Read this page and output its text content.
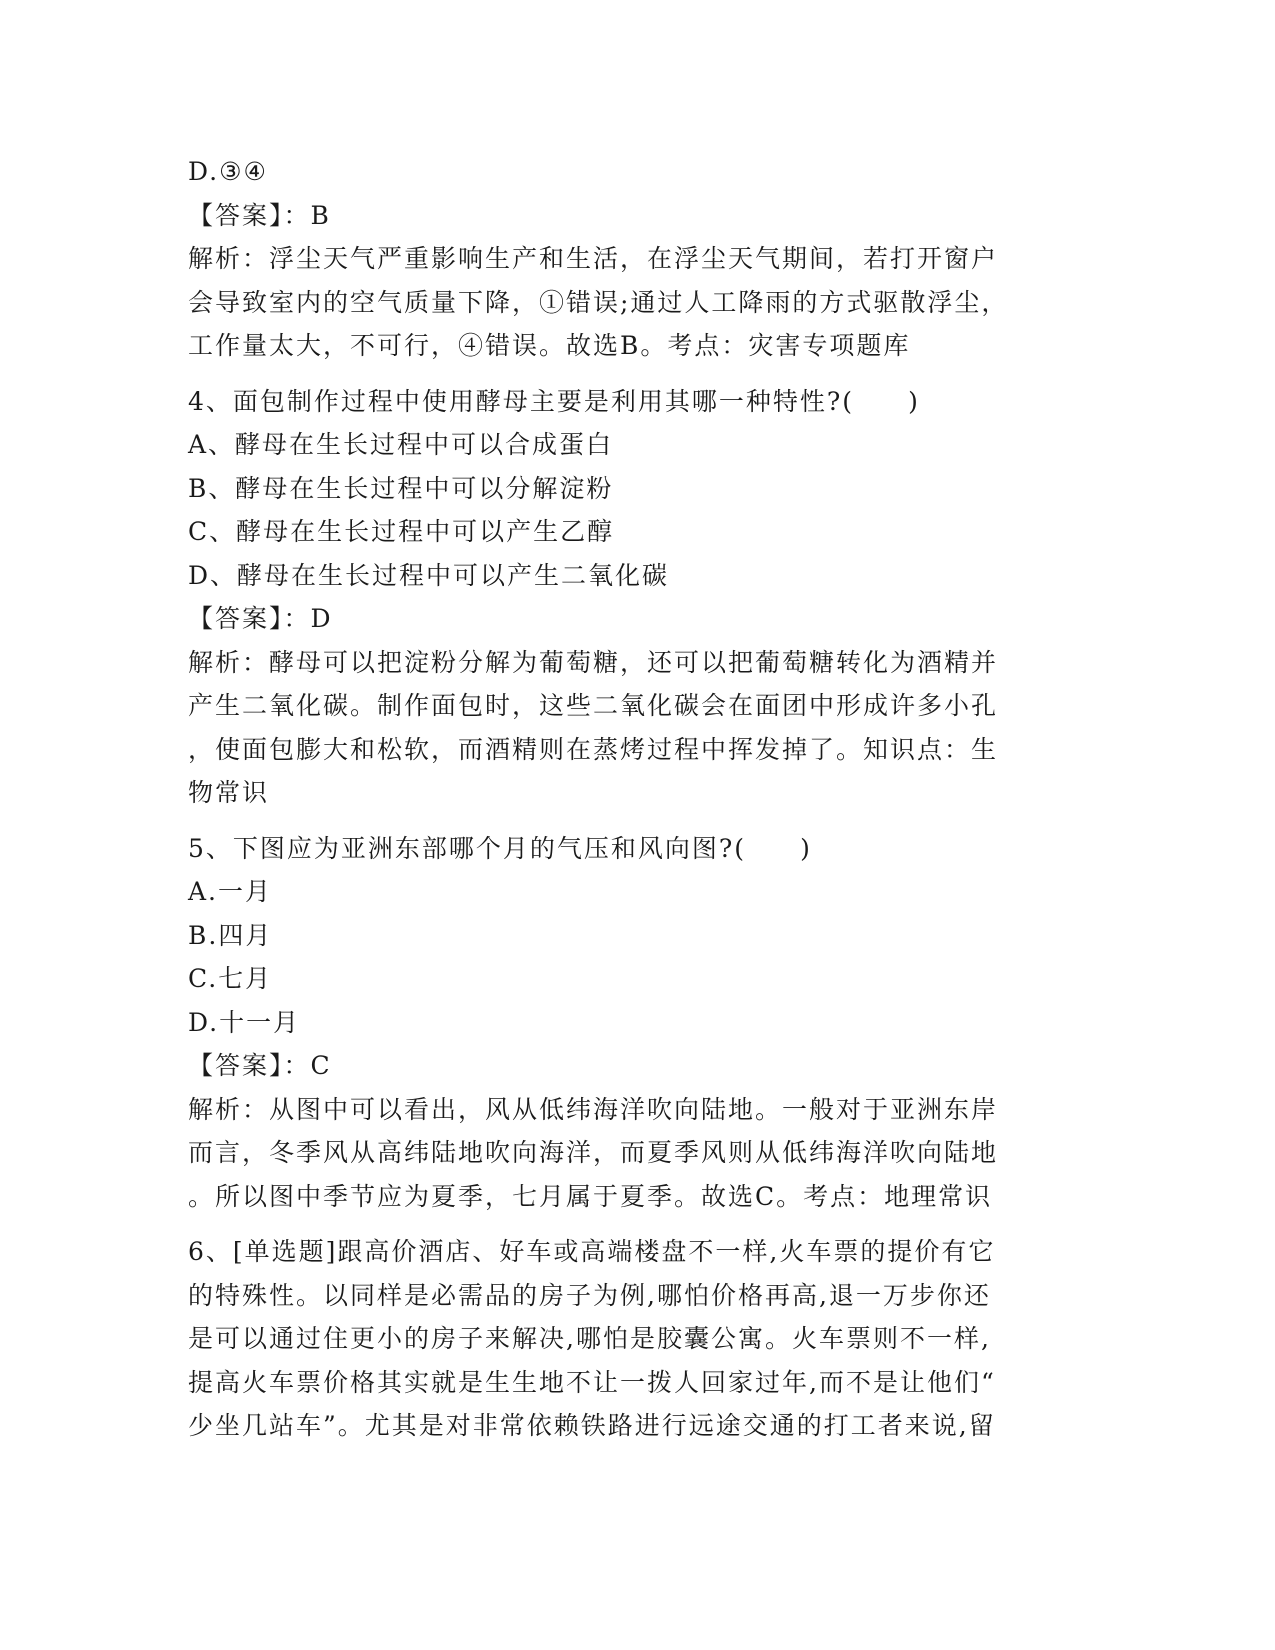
D.③④
【答案】：B
解析：浮尘天气严重影响生产和生活，在浮尘天气期间，若打开窗户
会导致室内的空气质量下降，①错误;通过人工降雨的方式驱散浮尘，
工作量太大，不可行，④错误。故选B。考点：灾害专项题库
4、面包制作过程中使用酵母主要是利用其哪一种特性?(　　)
A、酵母在生长过程中可以合成蛋白
B、酵母在生长过程中可以分解淀粉
C、酵母在生长过程中可以产生乙醇
D、酵母在生长过程中可以产生二氧化碳
【答案】：D
解析：酵母可以把淀粉分解为葡萄糖，还可以把葡萄糖转化为酒精并
产生二氧化碳。制作面包时，这些二氧化碳会在面团中形成许多小孔
，使面包膨大和松软，而酒精则在蒸烤过程中挥发掉了。知识点：生
物常识
5、下图应为亚洲东部哪个月的气压和风向图?(　　)
A.一月
B.四月
C.七月
D.十一月
【答案】：C
解析：从图中可以看出，风从低纬海洋吹向陆地。一般对于亚洲东岸
而言，冬季风从高纬陆地吹向海洋，而夏季风则从低纬海洋吹向陆地
。所以图中季节应为夏季，七月属于夏季。故选C。考点：地理常识
6、[单选题]跟高价酒店、好车或高端楼盘不一样,火车票的提价有它
的特殊性。以同样是必需品的房子为例,哪怕价格再高,退一万步你还
是可以通过住更小的房子来解决,哪怕是胶囊公寓。火车票则不一样,
提高火车票价格其实就是生生地不让一拨人回家过年,而不是让他们“
少坐几站车”。尤其是对非常依赖铁路进行远途交通的打工者来说,留
